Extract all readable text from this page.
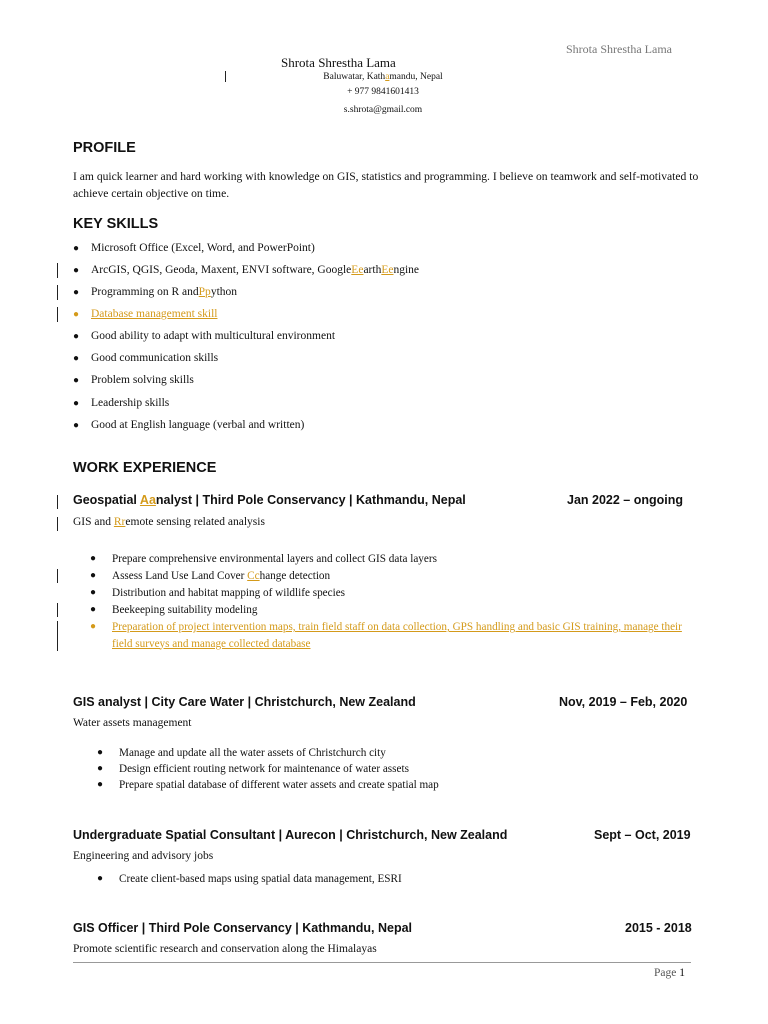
Shrota Shrestha Lama
Shrota Shrestha Lama
Baluwatar, Kathamandu, Nepal
+ 977 9841601413
s.shrota@gmail.com
PROFILE
I am quick learner and hard working with knowledge on GIS, statistics and programming. I believe on teamwork and self-motivated to achieve certain objective on time.
KEY SKILLS
●	Microsoft Office (Excel, Word, and PowerPoint)
●	ArcGIS, QGIS, Geoda, Maxent, ENVI software, Google Ee arth Ee ngine
●	Programming on R and Pp ython
●	Database management skill
●	Good ability to adapt with multicultural environment
●	Good communication skills
●	Problem solving skills
●	Leadership skills
●	Good at English language (verbal and written)
WORK EXPERIENCE
Geospatial Aanalyst | Third Pole Conservancy | Kathmandu, Nepal	Jan 2022 – ongoing
GIS and Rremote sensing related analysis
●	Prepare comprehensive environmental layers and collect GIS data layers
●	Assess Land Use Land Cover Cchange detection
●	Distribution and habitat mapping of wildlife species
●	Beekeeping suitability modeling
●	Preparation of project intervention maps, train field staff on data collection, GPS handling and basic GIS training, manage their field surveys and manage collected database
GIS analyst | City Care Water | Christchurch, New Zealand	Nov, 2019 – Feb, 2020
Water assets management
●	Manage and update all the water assets of Christchurch city
●	Design efficient routing network for maintenance of water assets
●	Prepare spatial database of different water assets and create spatial map
Undergraduate Spatial Consultant | Aurecon | Christchurch, New Zealand	Sept – Oct, 2019
Engineering and advisory jobs
●	Create client-based maps using spatial data management, ESRI
GIS Officer | Third Pole Conservancy | Kathmandu, Nepal	2015 - 2018
Promote scientific research and conservation along the Himalayas
Page 1
